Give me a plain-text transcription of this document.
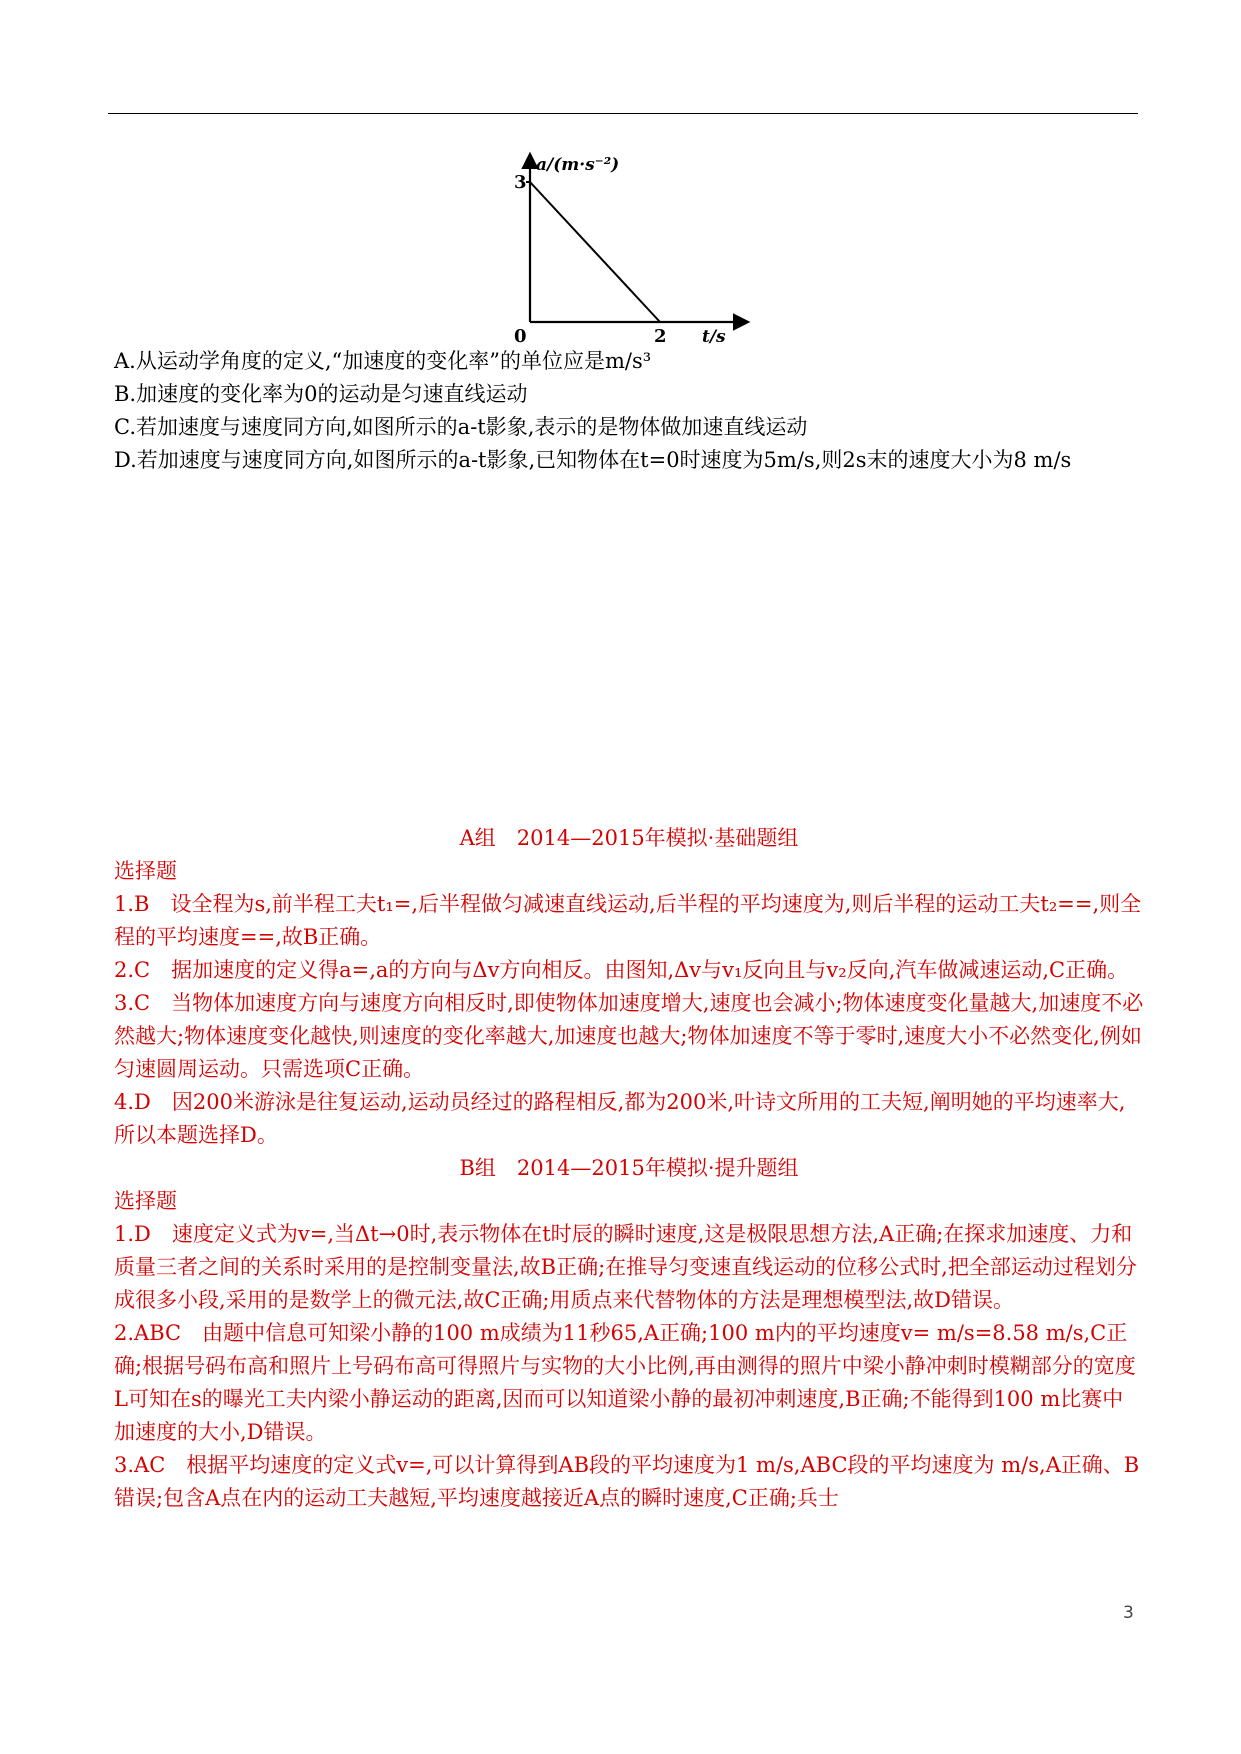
a/(m·s⁻²)
3
0	2 t/s

A.从运动学角度的定义,“加速度的变化率”的单位应是m/s³

B.加速度的变化率为0的运动是匀速直线运动

C.若加速度与速度同方向,如图所示的a-t影象,表示的是物体做加速直线运动

D.若加速度与速度同方向,如图所示的a-t影象,已知物体在t=0时速度为5m/s,则2s末的速度大小为8 m/s

A组　2014—2015年模拟·基础题组

选择题

1.B　设全程为s,前半程工夫t₁=,后半程做匀减速直线运动,后半程的平均速度为,则后半程的运动工夫t₂==,则全程的平均速度==,故B正确。

2.C　据加速度的定义得a=,a的方向与Δv方向相反。由图知,Δv与v₁反向且与v₂反向,汽车做减速运动,C正确。

3.C　当物体加速度方向与速度方向相反时,即使物体加速度增大,速度也会减小;物体速度变化量越大,加速度不必然越大;物体速度变化越快,则速度的变化率越大,加速度也越大;物体加速度不等于零时,速度大小不必然变化,例如匀速圆周运动。只需选项C正确。

4.D　因200米游泳是往复运动,运动员经过的路程相反,都为200米,叶诗文所用的工夫短,阐明她的平均速率大,所以本题选择D。

B组　2014—2015年模拟·提升题组

选择题

1.D　速度定义式为v=,当Δt→0时,表示物体在t时辰的瞬时速度,这是极限思想方法,A正确;在探求加速度、力和质量三者之间的关系时采用的是控制变量法,故B正确;在推导匀变速直线运动的位移公式时,把全部运动过程划分成很多小段,采用的是数学上的微元法,故C正确;用质点来代替物体的方法是理想模型法,故D错误。

2.ABC　由题中信息可知梁小静的100 m成绩为11秒65,A正确;100 m内的平均速度v= m/s=8.58 m/s,C正确;根据号码布高和照片上号码布高可得照片与实物的大小比例,再由测得的照片中梁小静冲刺时模糊部分的宽度L可知在s的曝光工夫内梁小静运动的距离,因而可以知道梁小静的最初冲刺速度,B正确;不能得到100 m比赛中加速度的大小,D错误。

3.AC　根据平均速度的定义式v=,可以计算得到AB段的平均速度为1 m/s,ABC段的平均速度为 m/s,A正确、B错误;包含A点在内的运动工夫越短,平均速度越接近A点的瞬时速度,C正确;兵士

3
